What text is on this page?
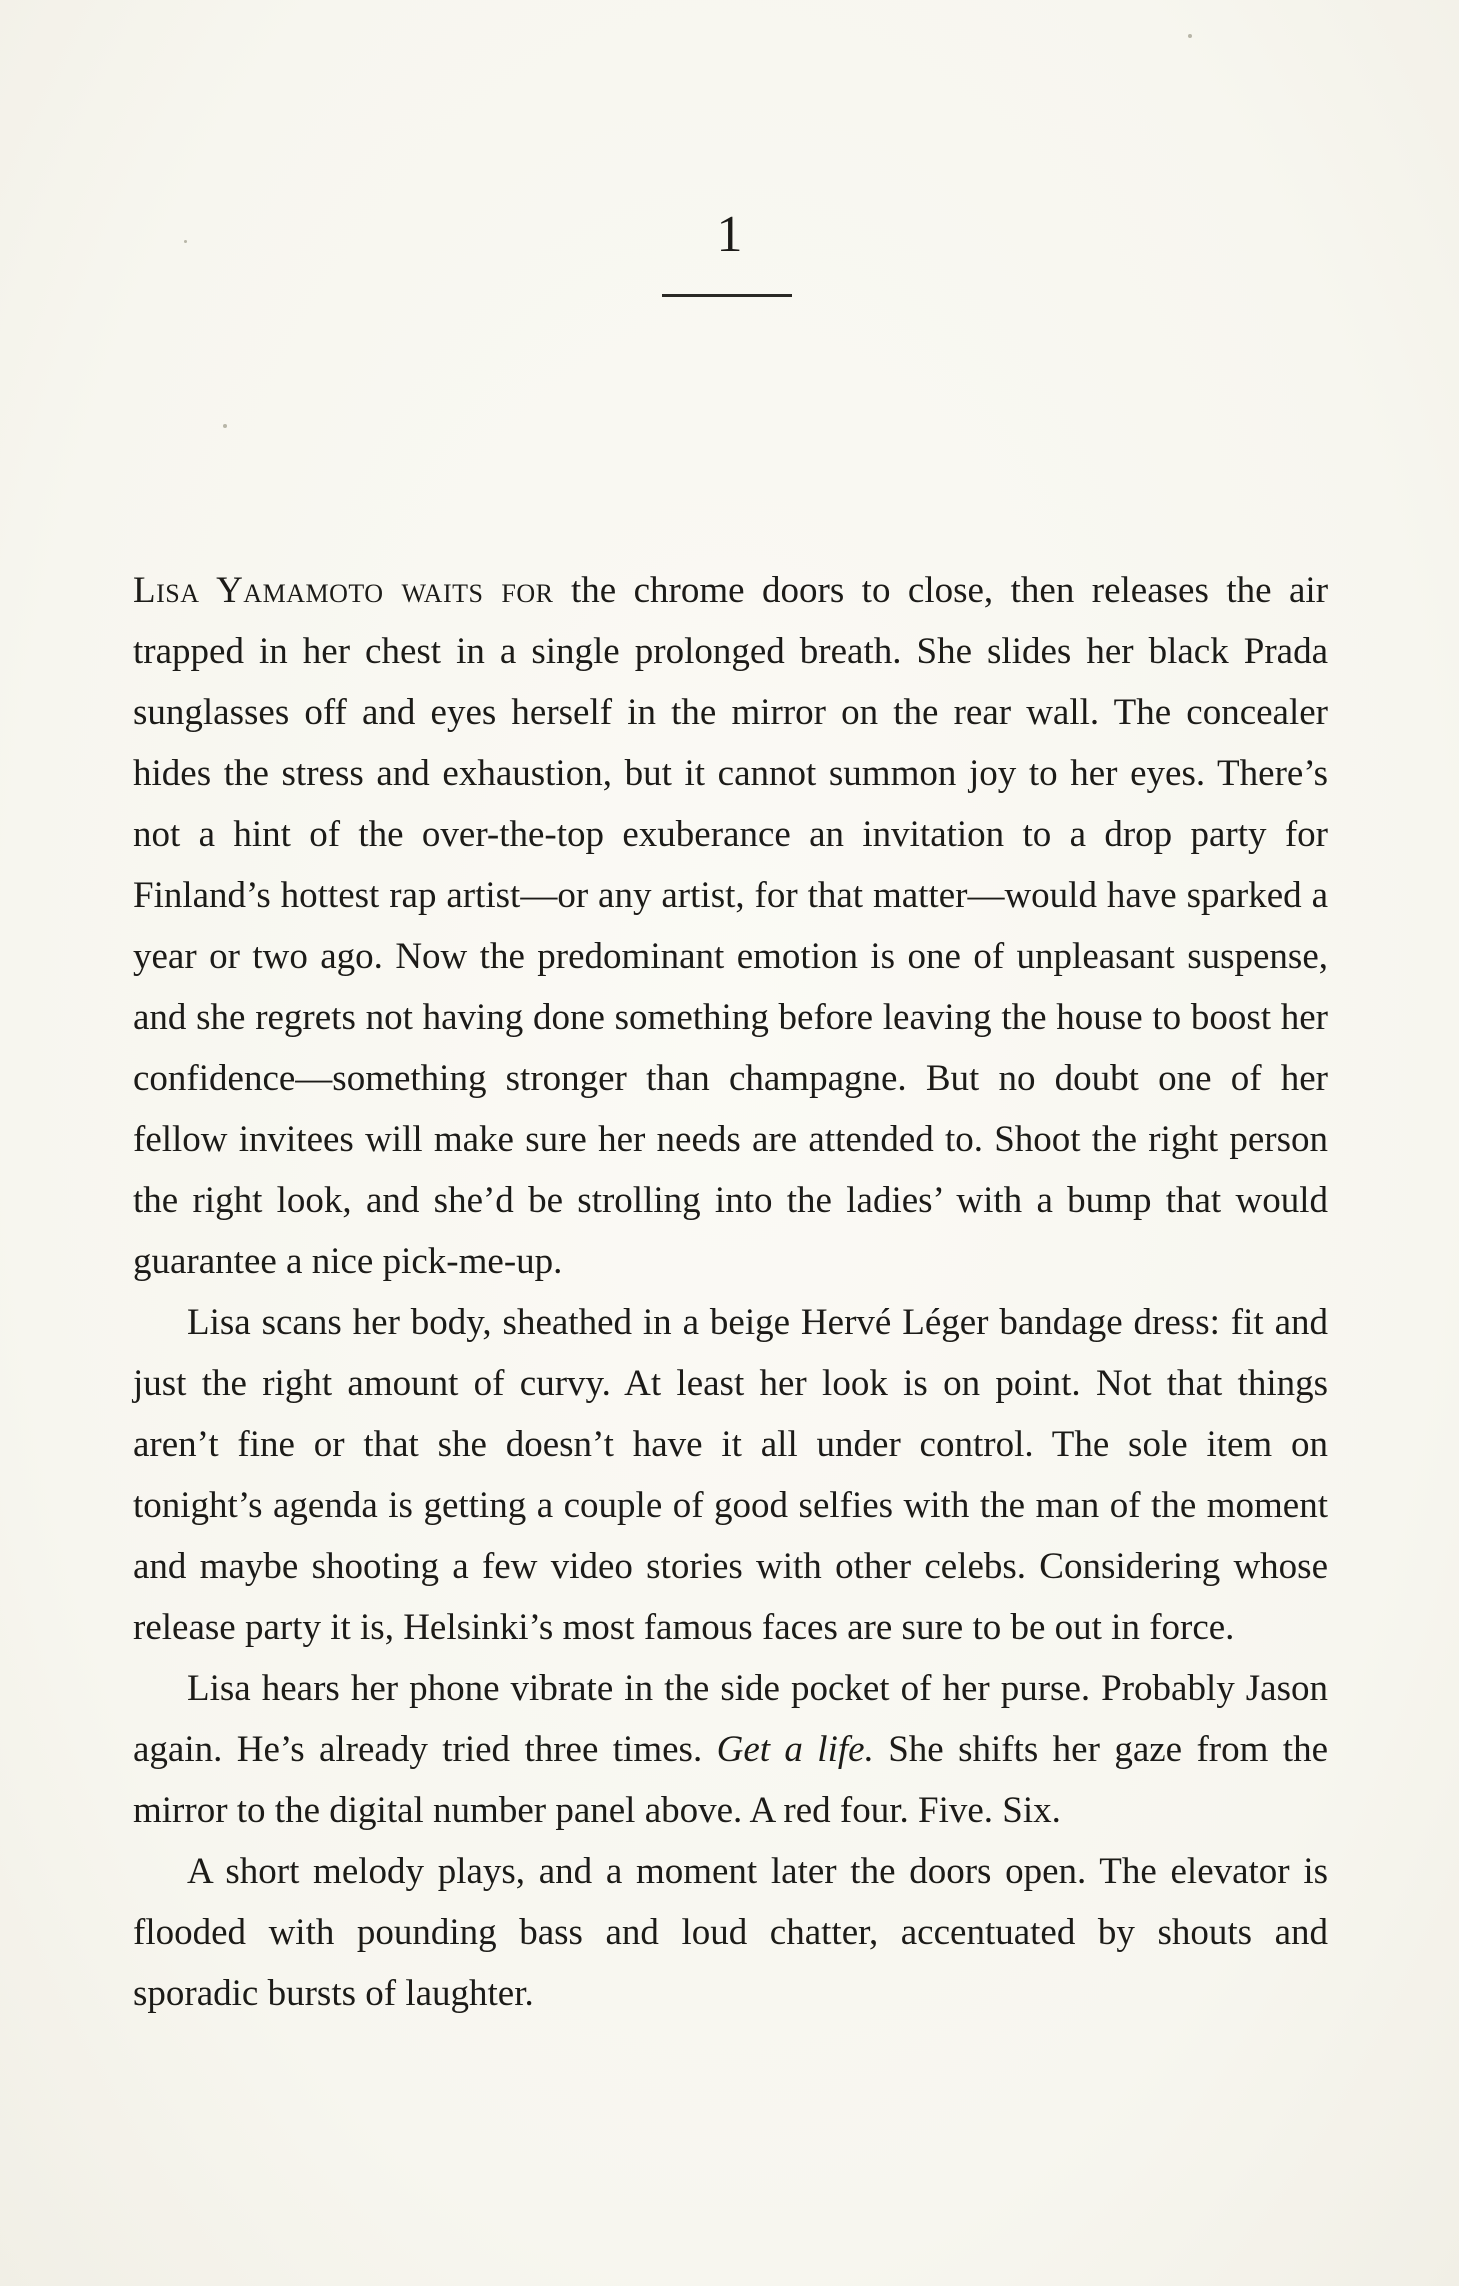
1

Lisa Yamamoto waits for the chrome doors to close, then releases the air trapped in her chest in a single prolonged breath. She slides her black Prada sunglasses off and eyes herself in the mirror on the rear wall. The concealer hides the stress and exhaustion, but it cannot summon joy to her eyes. There’s not a hint of the over-the-top exuberance an invitation to a drop party for Finland’s hottest rap artist—or any artist, for that matter—would have sparked a year or two ago. Now the predominant emotion is one of unpleasant suspense, and she regrets not having done something before leaving the house to boost her confidence—something stronger than champagne. But no doubt one of her fellow invitees will make sure her needs are attended to. Shoot the right person the right look, and she’d be strolling into the ladies’ with a bump that would guarantee a nice pick-me-up.

Lisa scans her body, sheathed in a beige Hervé Léger bandage dress: fit and just the right amount of curvy. At least her look is on point. Not that things aren’t fine or that she doesn’t have it all under control. The sole item on tonight’s agenda is getting a couple of good selfies with the man of the moment and maybe shooting a few video stories with other celebs. Considering whose release party it is, Helsinki’s most famous faces are sure to be out in force.

Lisa hears her phone vibrate in the side pocket of her purse. Probably Jason again. He’s already tried three times. Get a life. She shifts her gaze from the mirror to the digital number panel above. A red four. Five. Six.

A short melody plays, and a moment later the doors open. The elevator is flooded with pounding bass and loud chatter, accentuated by shouts and sporadic bursts of laughter.
